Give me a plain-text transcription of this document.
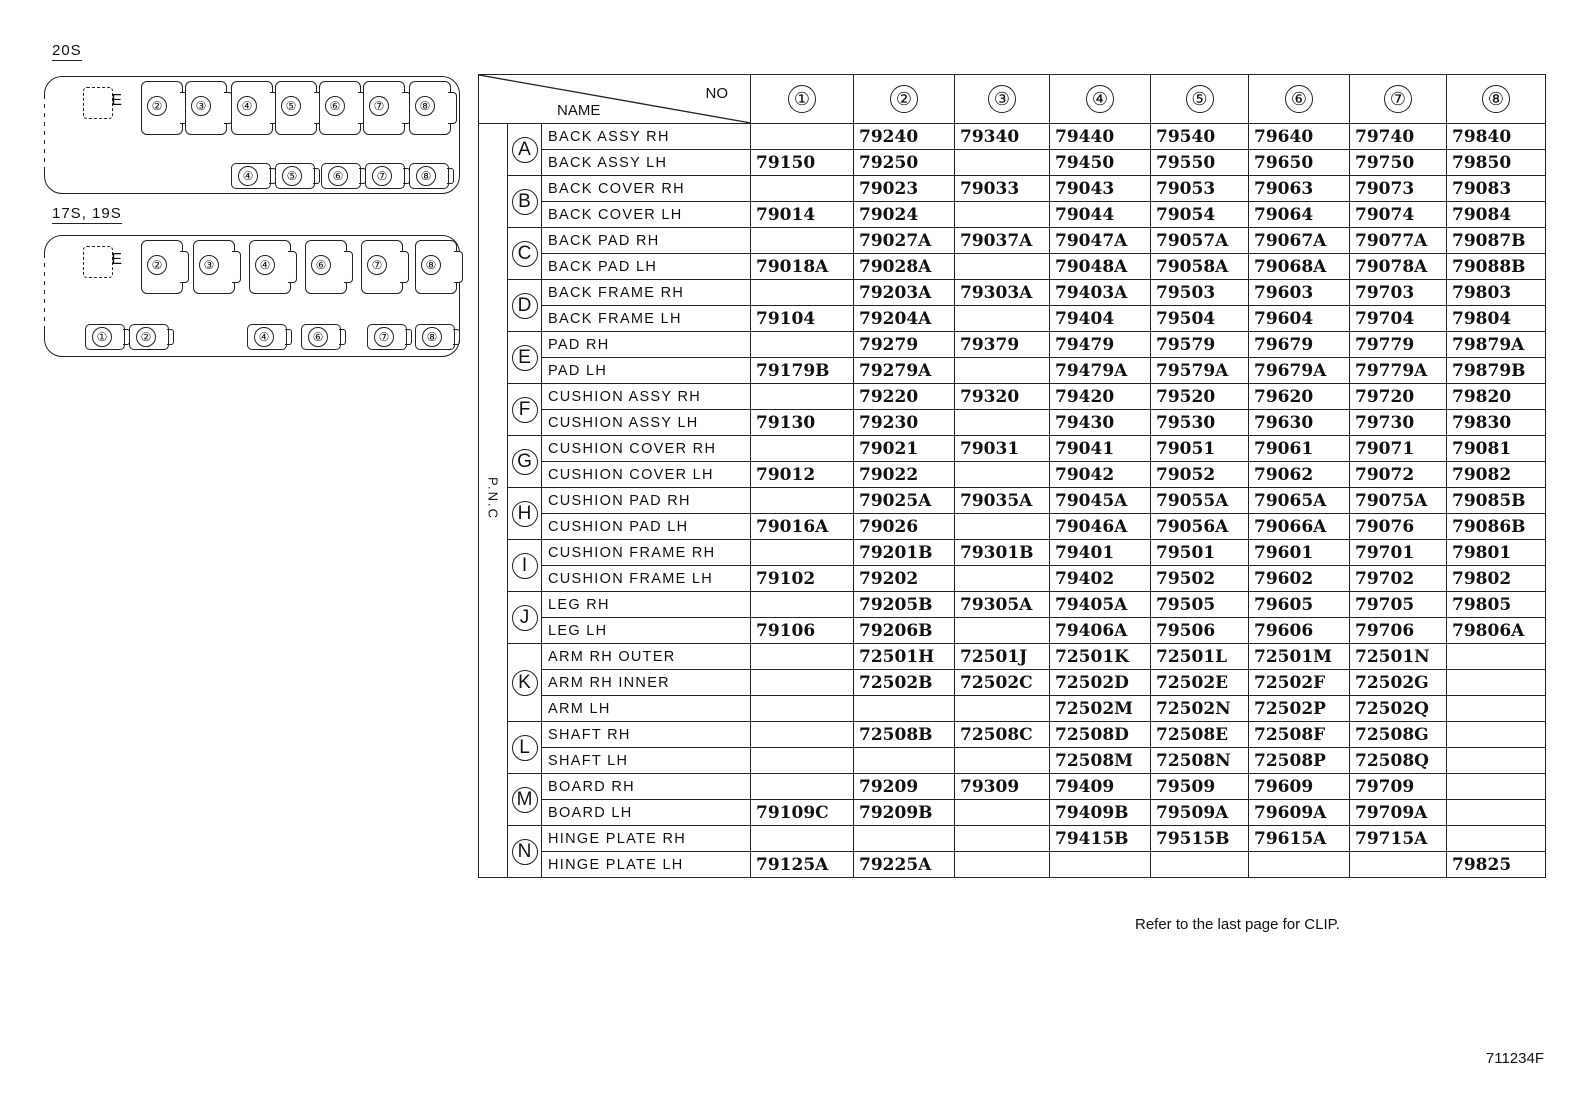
20S
E
②	③	④	⑤	⑥	⑦	⑧
④	⑤	⑥	⑦	⑧
17S, 19S
E
②	③	④	⑥	⑦	⑧
①	②	④	⑥	⑦	⑧
NO
NAME			①	②	③	④	⑤	⑥	⑦	⑧
P.N.C	A	BACK ASSY RH		79240	79340	79440	79540	79640	79740	79840
		BACK ASSY LH	79150	79250		79450	79550	79650	79750	79850
	B	BACK COVER RH		79023	79033	79043	79053	79063	79073	79083
		BACK COVER LH	79014	79024		79044	79054	79064	79074	79084
	C	BACK PAD RH		79027A	79037A	79047A	79057A	79067A	79077A	79087B
		BACK PAD LH	79018A	79028A		79048A	79058A	79068A	79078A	79088B
	D	BACK FRAME RH		79203A	79303A	79403A	79503	79603	79703	79803
		BACK FRAME LH	79104	79204A		79404	79504	79604	79704	79804
	E	PAD RH		79279	79379	79479	79579	79679	79779	79879A
		PAD LH	79179B	79279A		79479A	79579A	79679A	79779A	79879B
	F	CUSHION ASSY RH		79220	79320	79420	79520	79620	79720	79820
		CUSHION ASSY LH	79130	79230		79430	79530	79630	79730	79830
	G	CUSHION COVER RH		79021	79031	79041	79051	79061	79071	79081
		CUSHION COVER LH	79012	79022		79042	79052	79062	79072	79082
	H	CUSHION PAD RH		79025A	79035A	79045A	79055A	79065A	79075A	79085B
		CUSHION PAD LH	79016A	79026		79046A	79056A	79066A	79076	79086B
	I	CUSHION FRAME RH		79201B	79301B	79401	79501	79601	79701	79801
		CUSHION FRAME LH	79102	79202		79402	79502	79602	79702	79802
	J	LEG RH		79205B	79305A	79405A	79505	79605	79705	79805
		LEG LH	79106	79206B		79406A	79506	79606	79706	79806A
	K	ARM RH OUTER		72501H	72501J	72501K	72501L	72501M	72501N	
		ARM RH INNER		72502B	72502C	72502D	72502E	72502F	72502G	
		ARM LH				72502M	72502N	72502P	72502Q	
	L	SHAFT RH		72508B	72508C	72508D	72508E	72508F	72508G	
		SHAFT LH				72508M	72508N	72508P	72508Q	
	M	BOARD RH		79209	79309	79409	79509	79609	79709	
		BOARD LH	79109C	79209B		79409B	79509A	79609A	79709A	
	N	HINGE PLATE RH				79415B	79515B	79615A	79715A	
		HINGE PLATE LH	79125A	79225A						79825
Refer to the last page for CLIP.
711234F
